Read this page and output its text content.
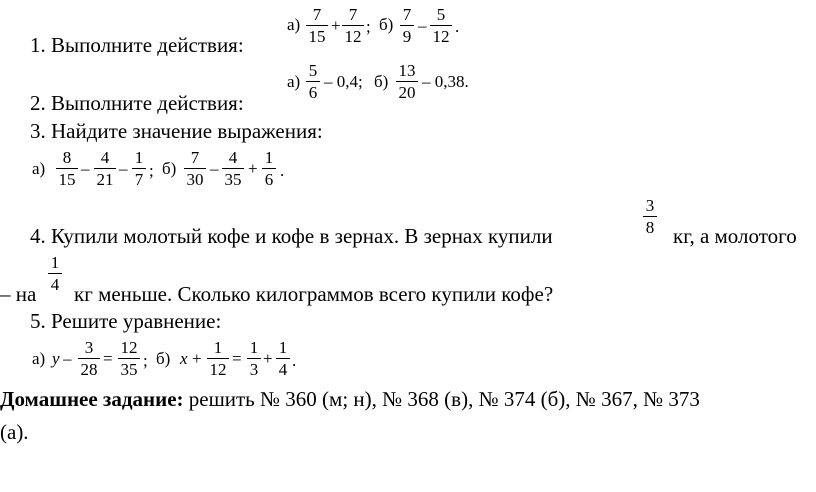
1. Выполните действия:
а)
7
15
+
7
12
; б)
7
9
–
5
12
.
2. Выполните действия:
а)
5
6
– 0,4; б)
13
20
– 0,38.
3. Найдите значение выражения:
а)
8
15
–
4
21
–
1
7 ; б)
7
30
–
4
35
+
1
6 .
4. Купили молотый кофе и кофе в зернах. В зернах купили
3
8 кг, а молотого
– на
1
4 кг меньше. Сколько килограммов всего купили кофе?
5. Решите уравнение:
а) y –
3
28
=
12
35 ; б) x +
1
12
=
1
3
+
1
4 .
Домашнее задание: решить № 360 (м; н), № 368 (в), № 374 (б), № 367, № 373
(а).
